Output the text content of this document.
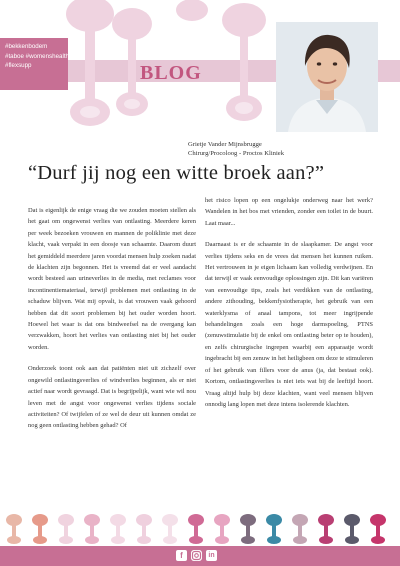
#bekkenbodem
#taboe #womenshealth
#flexsupp	BLOG
Grietje Vander Mijnsbrugge
Chirurg/Procoloog - Proctos Kliniek
“Durf jij nog een witte broek aan?”

Dat is eigenlijk de enige vraag die we zouden moeten stellen als het gaat om ongewenst verlies van ontlasting. Meerdere keren per week bezoeken vrouwen en mannen de poliklinie met deze klacht, vaak verpakt in een doosje van schaamte. Daarom duurt het gemiddeld meerdere jaren voordat mensen hulp zoeken nadat de klachten zijn begonnen. Het is vreemd dat er veel aandacht wordt besteed aan urineverlies in de media, met reclames voor incontinentiemateriaal, terwijl problemen met ontlasting in de schaduw blijven. Wat mij opvalt, is dat vrouwen vaak gehoord hebben dat dit soort problemen bij het ouder worden hoort. Hoewel het waar is dat ons bindweefsel na de overgang kan verzwakken, hoort het verlies van ontlasting niet bij het ouder worden.

Onderzoek toont ook aan dat patiënten niet uit zichzelf over ongewild ontlastingsverlies of windverlies beginnen, als er niet actief naar wordt gevraagd. Dat is begrijpelijk, want wie wil nou leven met de angst voor ongewenst verlies tijdens sociale activiteiten? Of twijfelen of ze wel de deur uit kunnen omdat ze nog geen ontlasting hebben gehad? Of

het risico lopen op een ongelukje onderweg naar het werk? Wandelen in het bos met vrienden, zonder een toilet in de buurt. Laat maar...

Daarnaast is er de schaamte in de slaapkamer. De angst voor verlies tijdens seks en de vrees dat mensen het kunnen ruiken. Het vertrouwen in je eigen lichaam kan volledig verdwijnen. En dat terwijl er vaak eenvoudige oplossingen zijn. Dit kan variëren van eenvoudige tips, zoals het verdikken van de ontlasting, andere zithouding, bekkenfysiotherapie, het gebruik van een waterklysma of anaal tampons, tot meer ingrijpende behandelingen zoals een hoge darmspoeling, PTNS (zenuwstimulatie bij de enkel om ontlasting beter op te houden), en zelfs chirurgische ingrepen waarbij een apparaatje wordt ingebracht bij een zenuw in het heiligbeen om deze te stimuleren of het gebruik van fillers voor de anus (ja, dat bestaat ook). Kortom, ontlastingsverlies is niet iets wat bij de leeftijd hoort. Vraag altijd hulp bij deze klachten, want veel mensen blijven onnodig lang lopen met deze intens isolerende klachten.

f	in
